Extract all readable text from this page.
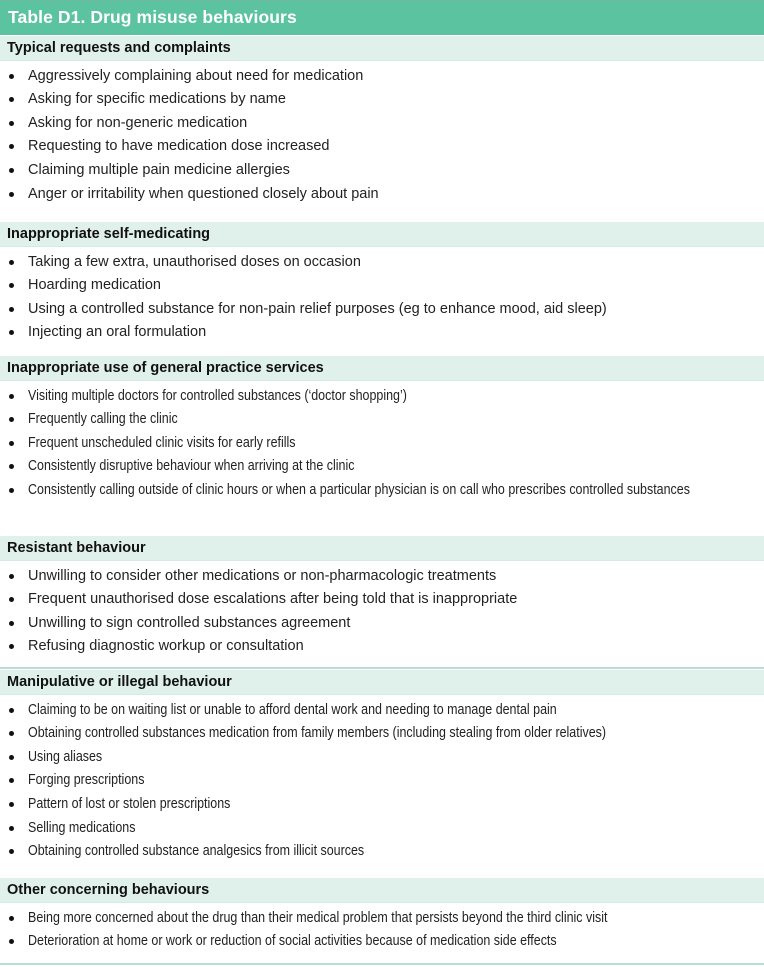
Table D1. Drug misuse behaviours
Typical requests and complaints
Aggressively complaining about need for medication
Asking for specific medications by name
Asking for non-generic medication
Requesting to have medication dose increased
Claiming multiple pain medicine allergies
Anger or irritability when questioned closely about pain
Inappropriate self-medicating
Taking a few extra, unauthorised doses on occasion
Hoarding medication
Using a controlled substance for non-pain relief purposes (eg to enhance mood, aid sleep)
Injecting an oral formulation
Inappropriate use of general practice services
Visiting multiple doctors for controlled substances (‘doctor shopping’)
Frequently calling the clinic
Frequent unscheduled clinic visits for early refills
Consistently disruptive behaviour when arriving at the clinic
Consistently calling outside of clinic hours or when a particular physician is on call who prescribes controlled substances
Resistant behaviour
Unwilling to consider other medications or non-pharmacologic treatments
Frequent unauthorised dose escalations after being told that is inappropriate
Unwilling to sign controlled substances agreement
Refusing diagnostic workup or consultation
Manipulative or illegal behaviour
Claiming to be on waiting list or unable to afford dental work and needing to manage dental pain
Obtaining controlled substances medication from family members (including stealing from older relatives)
Using aliases
Forging prescriptions
Pattern of lost or stolen prescriptions
Selling medications
Obtaining controlled substance analgesics from illicit sources
Other concerning behaviours
Being more concerned about the drug than their medical problem that persists beyond the third clinic visit
Deterioration at home or work or reduction of social activities because of medication side effects
